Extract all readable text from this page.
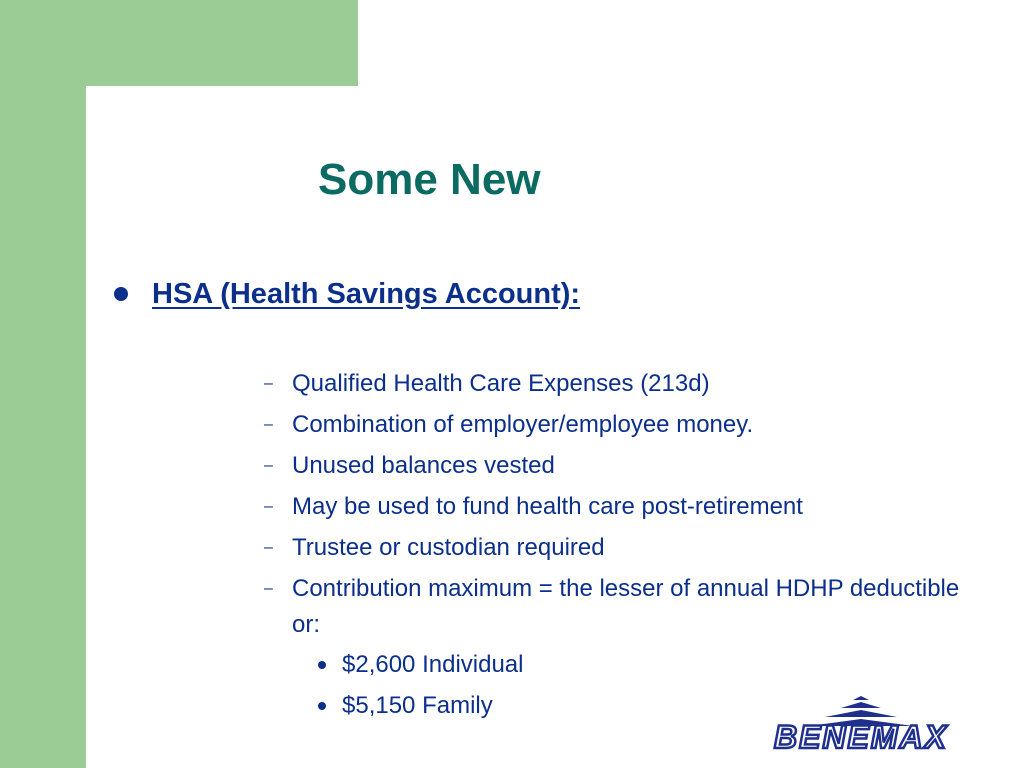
Some New
HSA (Health Savings Account):
– Qualified Health Care Expenses (213d)
– Combination of employer/employee money.
– Unused balances vested
– May be used to fund health care post-retirement
– Trustee or custodian required
– Contribution maximum = the lesser of annual HDHP deductible or:
$2,600 Individual
$5,150 Family
BENEMAX
